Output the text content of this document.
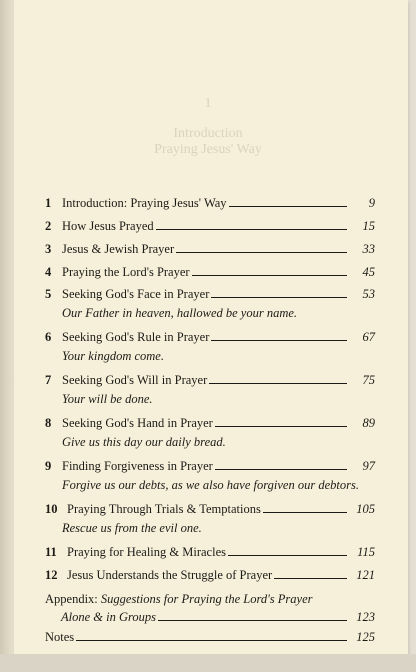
1
Introduction
Praying Jesus' Way
1 Introduction: Praying Jesus' Way	9
2 How Jesus Prayed	15
3 Jesus & Jewish Prayer	33
4 Praying the Lord's Prayer	45
5 Seeking God's Face in Prayer	53
Our Father in heaven, hallowed be your name.
6 Seeking God's Rule in Prayer	67
Your kingdom come.
7 Seeking God's Will in Prayer	75
Your will be done.
8 Seeking God's Hand in Prayer	89
Give us this day our daily bread.
9 Finding Forgiveness in Prayer	97
Forgive us our debts, as we also have forgiven our debtors.
10 Praying Through Trials & Temptations	105
Rescue us from the evil one.
11 Praying for Healing & Miracles	115
12 Jesus Understands the Struggle of Prayer	121
Appendix: Suggestions for Praying the Lord's Prayer
Alone & in Groups	123
Notes	125
